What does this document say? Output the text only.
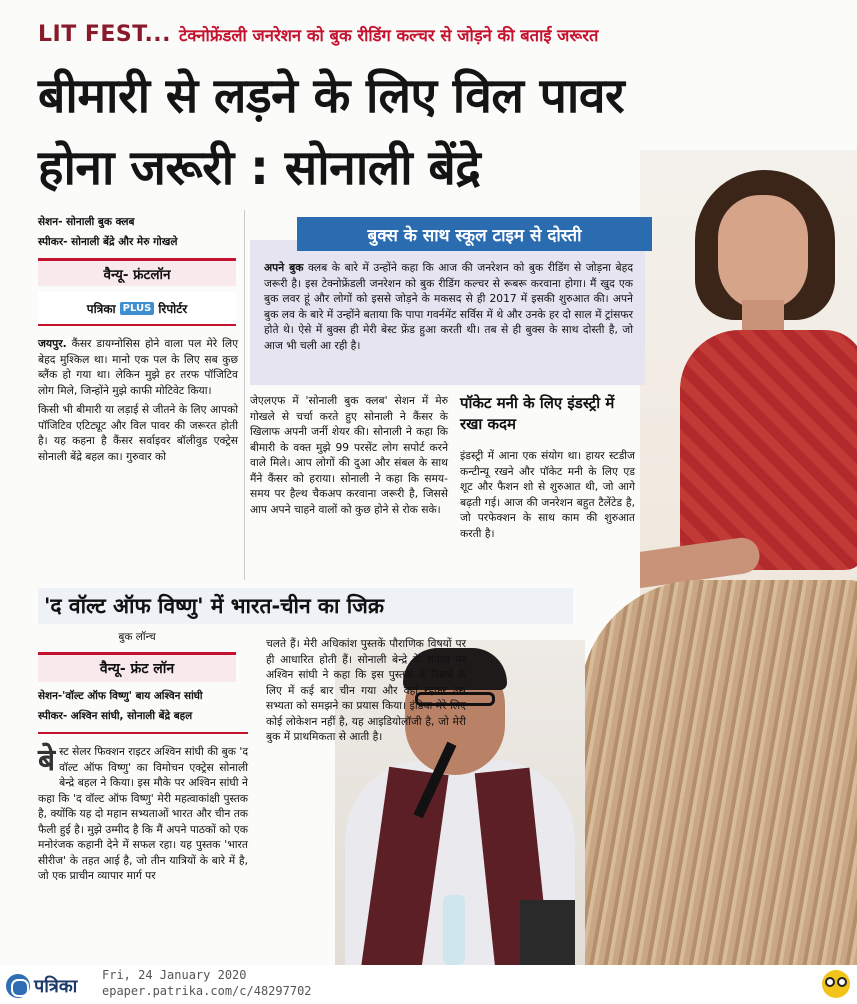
LIT FEST... टेक्नोफ्रेंडली जनरेशन को बुक रीडिंग कल्चर से जोड़ने की बताई जरूरत
बीमारी से लड़ने के लिए विल पावर
होना जरूरी : सोनाली बेंद्रे
सेशन- सोनाली बुक क्लब
स्पीकर- सोनाली बेंद्रे और मेरु गोखले
वैन्यू- फ्रंटलॉन
पत्रिका PLUS रिपोर्टर
जयपुर. कैंसर डायग्नोसिस होने वाला पल मेरे लिए बेहद मुश्किल था। मानो एक पल के लिए सब कुछ ब्लैंक हो गया था। लेकिन मुझे हर तरफ पॉजिटिव लोग मिले, जिन्होंने मुझे काफी मोटिवेट किया।
किसी भी बीमारी या लड़ाई से जीतने के लिए आपको पॉजिटिव एटिट्यूट और विल पावर की जरूरत होती है। यह कहना है कैंसर सर्वाइवर बॉलीवुड एक्ट्रेस सोनाली बेंद्रे बहल का। गुरुवार को
अपने बुक क्लब के बारे में उन्होंने कहा कि आज की जनरेशन को बुक रीडिंग से जोड़ना बेहद जरूरी है। इस टेक्नोफ्रेंडली जनरेशन को बुक रीडिंग कल्चर से रूबरू करवाना होगा। मैं खुद एक बुक लवर हूं और लोगों को इससे जोड़ने के मकसद से ही 2017 में इसकी शुरुआत की। अपने बुक लव के बारे में उन्होंने बताया कि पापा गवर्नमेंट सर्विस में थे और उनके हर दो साल में ट्रांसफर होते थे। ऐसे में बुक्स ही मेरी बेस्ट फ्रेंड हुआ करती थी। तब से ही बुक्स के साथ दोस्ती है, जो आज भी चली आ रही है।
बुक्स के साथ स्कूल टाइम से दोस्ती
जेएलएफ में 'सोनाली बुक क्लब' सेशन में मेरु गोखले से चर्चा करते हुए सोनाली ने कैंसर के खिलाफ अपनी जर्नी शेयर की। सोनाली ने कहा कि बीमारी के वक्त मुझे 99 परसेंट लोग सपोर्ट करने वाले मिले। आप लोगों की दुआ और संबल के साथ मैंने कैंसर को हराया। सोनाली ने कहा कि समय-समय पर हैल्थ चैकअप करवाना जरूरी है, जिससे आप अपने चाहने वालों को कुछ होने से रोक सके।
पॉकेट मनी के लिए इंडस्ट्री में रखा कदम
इंडस्ट्री में आना एक संयोग था। हायर स्टडीज कन्टीन्यू रखने और पॉकेट मनी के लिए एड शूट और फैशन शो से शुरुआत थी, जो आगे बढ़ती गई। आज की जनरेशन बहुत टैलेंटेड है, जो परफेक्शन के साथ काम की शुरुआत करती है।
'द वॉल्ट ऑफ विष्णु' में भारत-चीन का जिक्र
बुक लॉन्च
वैन्यू- फ्रंट लॉन
सेशन-'वॉल्ट ऑफ विष्णु' बाय अश्विन सांघी
स्पीकर- अश्विन सांघी, सोनाली बेंद्रे बहल
बे स्ट सेलर फिक्शन राइटर अश्विन सांघी की बुक 'द वॉल्ट ऑफ विष्णु' का विमोचन एक्ट्रेस सोनाली बेन्द्रे बहल ने किया। इस मौके पर अश्विन सांघी ने कहा कि 'द वॉल्ट ऑफ विष्णु' मेरी महत्वाकांक्षी पुस्तक है, क्योंकि यह दो महान सभ्यताओं भारत और चीन तक फैली हुई है। मुझे उम्मीद है कि मैं अपने पाठकों को एक मनोरंजक कहानी देने में सफल रहा। यह पुस्तक 'भारत सीरीज' के तहत आई है, जो तीन यात्रियों के बारे में है, जो एक प्राचीन व्यापार मार्ग पर
चलते हैं। मेरी अधिकांश पुस्तकें पौराणिक विषयों पर ही आधारित होती हैं। सोनाली बेन्द्रे के सवाल पर अश्विन सांघी ने कहा कि इस पुस्तक के रिसर्च के लिए में कई बार चीन गया और वहां रहकर उस सभ्यता को समझने का प्रयास किया। इंडिया मेरे लिए कोई लोकेशन नहीं है, यह आइडियोलॉजी है, जो मेरी बुक में प्राथमिकता से आती है।
पत्रिका
Fri, 24 January 2020
epaper.patrika.com/c/48297702
